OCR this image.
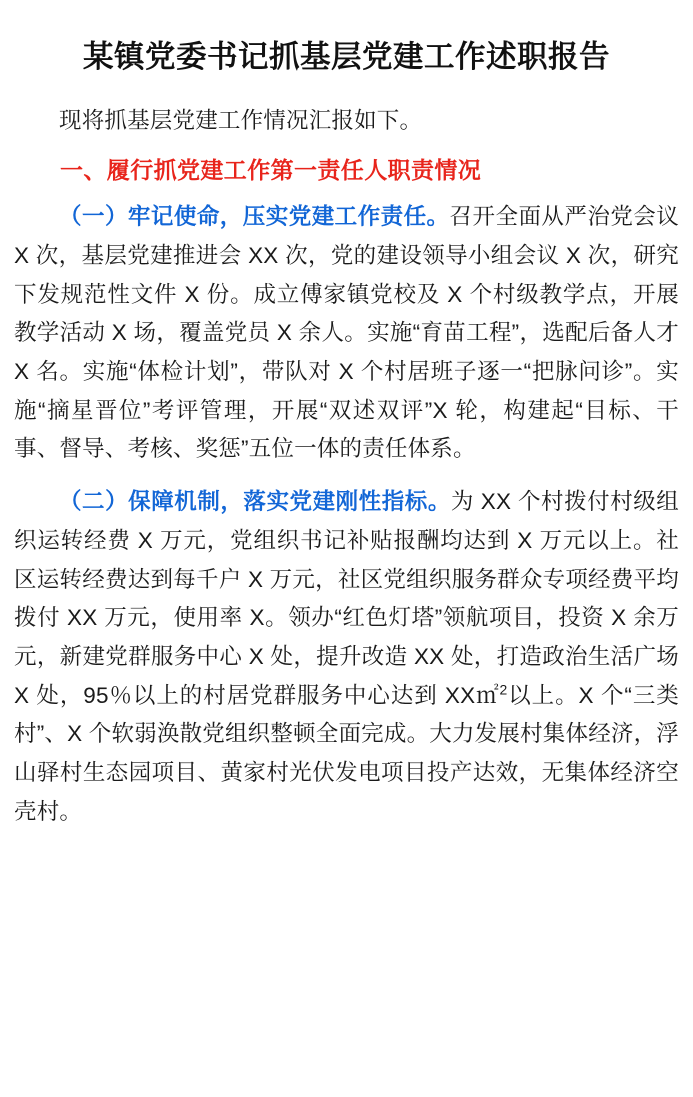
某镇党委书记抓基层党建工作述职报告

现将抓基层党建工作情况汇报如下。

一、履行抓党建工作第一责任人职责情况

（一）牢记使命，压实党建工作责任。召开全面从严治党会议 X 次，基层党建推进会 XX 次，党的建设领导小组会议 X 次，研究下发规范性文件 X 份。成立傅家镇党校及 X 个村级教学点，开展教学活动 X 场，覆盖党员 X 余人。实施“育苗工程”，选配后备人才 X 名。实施“体检计划”，带队对 X 个村居班子逐一“把脉问诊”。实施“摘星晋位”考评管理，开展“双述双评”X 轮，构建起“目标、干事、督导、考核、奖惩”五位一体的责任体系。

（二）保障机制，落实党建刚性指标。为 XX 个村拨付村级组织运转经费 X 万元，党组织书记补贴报酬均达到 X 万元以上。社区运转经费达到每千户 X 万元，社区党组织服务群众专项经费平均拨付 XX 万元，使用率 X。领办“红色灯塔”领航项目，投资 X 余万元，新建党群服务中心 X 处，提升改造 XX 处，打造政治生活广场 X 处，95％以上的村居党群服务中心达到 XX㎡$^2$以上。X 个“三类村”、X 个软弱涣散党组织整顿全面完成。大力发展村集体经济，浮山驿村生态园项目、黄家村光伏发电项目投产达效，无集体经济空壳村。
